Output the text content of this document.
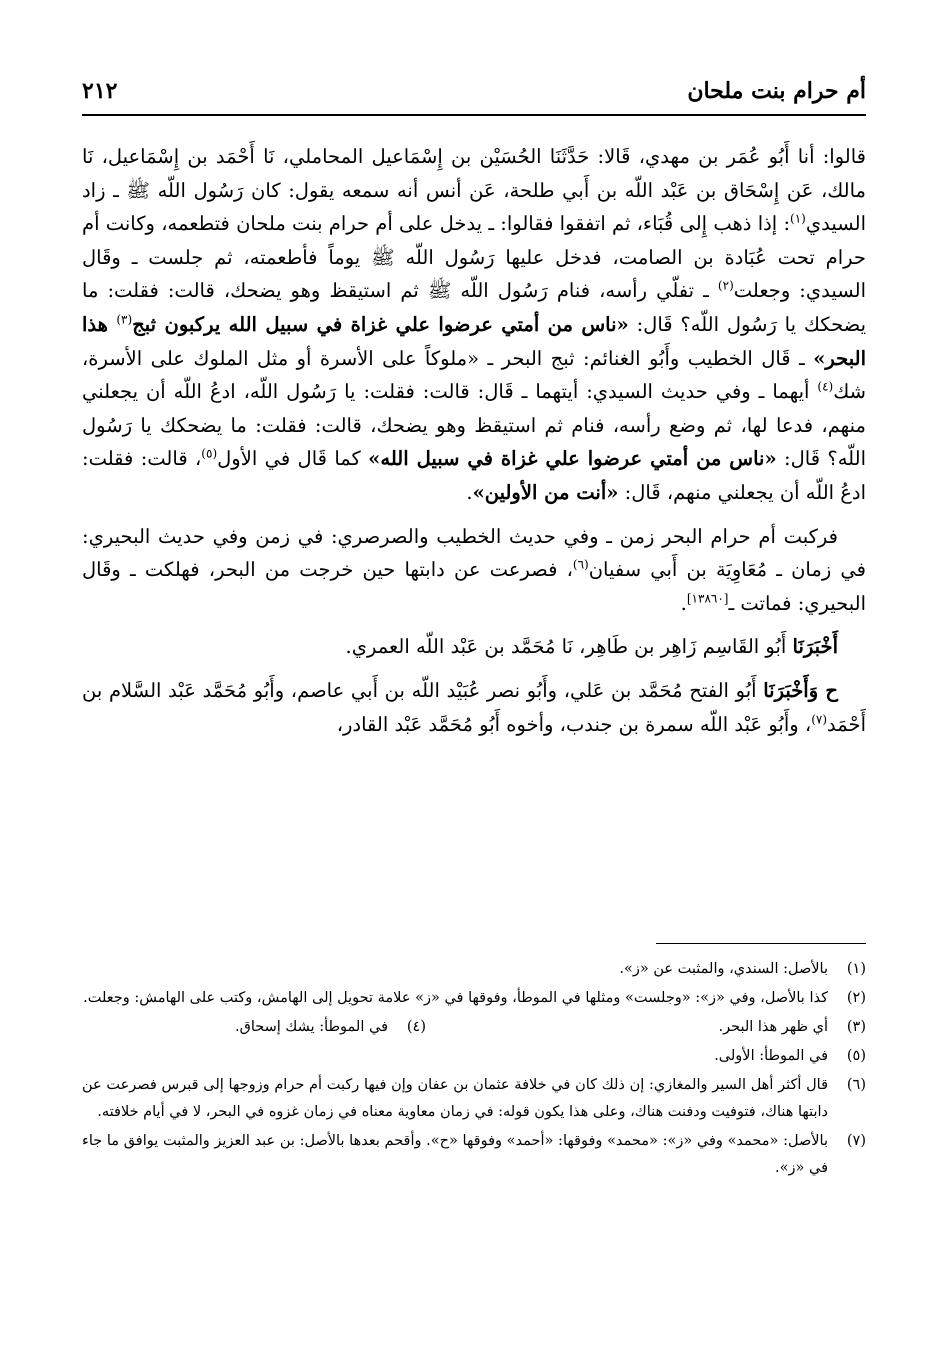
أم حرام بنت ملحان
٢١٢

قالوا: أنا أَبُو عُمَر بن مهدي، قَالا: حَدَّثَنَا الحُسَيْن بن إِسْمَاعيل المحاملي، نَا أَحْمَد بن إِسْمَاعيل، نَا مالك، عَن إِسْحَاق بن عَبْد اللّه بن أَبي طلحة، عَن أنس أنه سمعه يقول: كان رَسُول اللّه ﷺ ـ زاد السيدي$^{(١)}$: إذا ذهب إِلى قُبَاء، ثم اتفقوا فقالوا: ـ يدخل على أم حرام بنت ملحان فتطعمه، وكانت أم حرام تحت عُبَادة بن الصامت، فدخل عليها رَسُول اللّه ﷺ يوماً فأطعمته، ثم جلست ـ وقَال السيدي: وجعلت$^{(٢)}$ ـ تفلّي رأسه، فنام رَسُول اللّه ﷺ ثم استيقظ وهو يضحك، قالت: فقلت: ما يضحكك يا رَسُول اللّه؟ قَال: «ناس من أمتي عرضوا علي غزاة في سبيل الله يركبون ثبج$^{(٣)}$ هذا البحر» ـ قَال الخطيب وأَبُو الغنائم: ثبج البحر ـ «ملوكاً على الأسرة أو مثل الملوك على الأسرة، شك$^{(٤)}$ أيهما ـ وفي حديث السيدي: أيتهما ـ قَال: قالت: فقلت: يا رَسُول اللّه، ادعُ اللّه أن يجعلني منهم، فدعا لها، ثم وضع رأسه، فنام ثم استيقظ وهو يضحك، قالت: فقلت: ما يضحكك يا رَسُول اللّه؟ قَال: «ناس من أمتي عرضوا علي غزاة في سبيل الله» كما قَال في الأول$^{(٥)}$، قالت: فقلت: ادعُ اللّه أن يجعلني منهم، قَال: «أنت من الأولين».

فركبت أم حرام البحر زمن ـ وفي حديث الخطيب والصرصري: في زمن وفي حديث البحيري: في زمان ـ مُعَاوِيَة بن أَبي سفيان$^{(٦)}$، فصرعت عن دابتها حين خرجت من البحر، فهلكت ـ وقَال البحيري: فماتت ـ[١٣٨٦٠].

أَخْبَرَنَا أَبُو القَاسِم زَاهِر بن طَاهِر، نَا مُحَمَّد بن عَبْد اللّه العمري.

ح وَأَخْبَرَنَا أَبُو الفتح مُحَمَّد بن عَلي، وأَبُو نصر عُبَيْد اللّه بن أَبي عاصم، وأَبُو مُحَمَّد عَبْد السَّلام بن أَحْمَد$^{(٧)}$، وأَبُو عَبْد اللّه سمرة بن جندب، وأخوه أَبُو مُحَمَّد عَبْد القادر،

(١)
بالأصل: السندي، والمثبت عن «ز».
(٢)
كذا بالأصل، وفي «ز»: «وجلست» ومثلها في الموطأ، وفوقها في «ز» علامة تحويل إلى الهامش، وكتب على الهامش: وجعلت.
(٣)
أي ظهر هذا البحر.
(٤)
في الموطأ: يشك إسحاق.
(٥)
في الموطأ: الأولى.
(٦)
قال أكثر أهل السير والمغازي: إن ذلك كان في خلافة عثمان بن عفان وإن فيها ركبت أم حرام وزوجها إلى قبرس فصرعت عن دابتها هناك، فتوفيت ودفنت هناك، وعلى هذا يكون قوله: في زمان معاوية معناه في زمان غزوه في البحر، لا في أيام خلافته.
(٧)
بالأصل: «محمد» وفي «ز»: «محمد» وفوقها: «أحمد» وفوقها «ح». وأقحم بعدها بالأصل: بن عبد العزيز والمثبت يوافق ما جاء في «ز».
